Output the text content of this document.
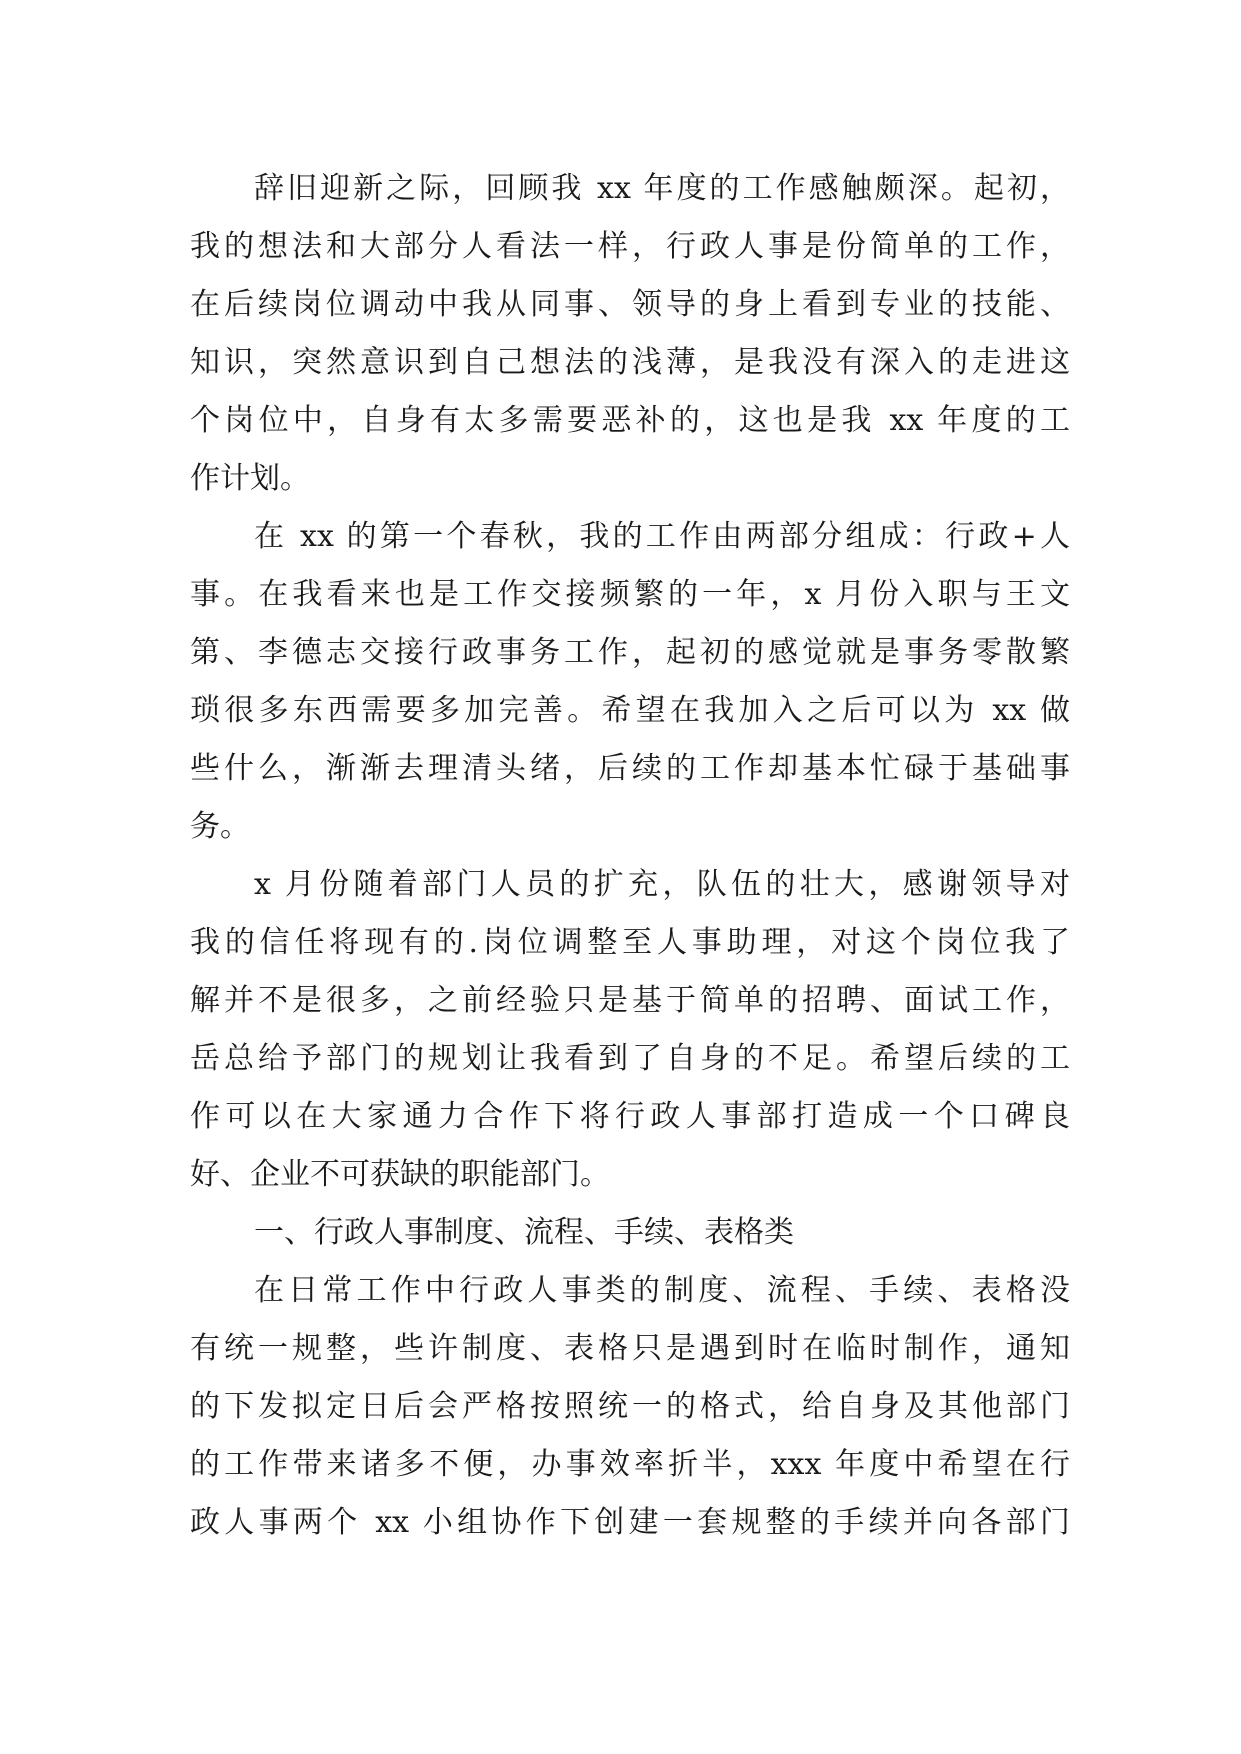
辞旧迎新之际，回顾我 xx 年度的工作感触颇深。起初，
我的想法和大部分人看法一样，行政人事是份简单的工作，
在后续岗位调动中我从同事、领导的身上看到专业的技能、
知识，突然意识到自己想法的浅薄，是我没有深入的走进这
个岗位中，自身有太多需要恶补的，这也是我 xx 年度的工
作计划。
在 xx 的第一个春秋，我的工作由两部分组成：行政+人
事。在我看来也是工作交接频繁的一年，x 月份入职与王文
第、李德志交接行政事务工作，起初的感觉就是事务零散繁
琐很多东西需要多加完善。希望在我加入之后可以为 xx 做
些什么，渐渐去理清头绪，后续的工作却基本忙碌于基础事
务。
x 月份随着部门人员的扩充，队伍的壮大，感谢领导对
我的信任将现有的.岗位调整至人事助理，对这个岗位我了
解并不是很多，之前经验只是基于简单的招聘、面试工作，
岳总给予部门的规划让我看到了自身的不足。希望后续的工
作可以在大家通力合作下将行政人事部打造成一个口碑良
好、企业不可获缺的职能部门。
一、行政人事制度、流程、手续、表格类
在日常工作中行政人事类的制度、流程、手续、表格没
有统一规整，些许制度、表格只是遇到时在临时制作，通知
的下发拟定日后会严格按照统一的格式，给自身及其他部门
的工作带来诸多不便，办事效率折半，xxx 年度中希望在行
政人事两个 xx 小组协作下创建一套规整的手续并向各部门
